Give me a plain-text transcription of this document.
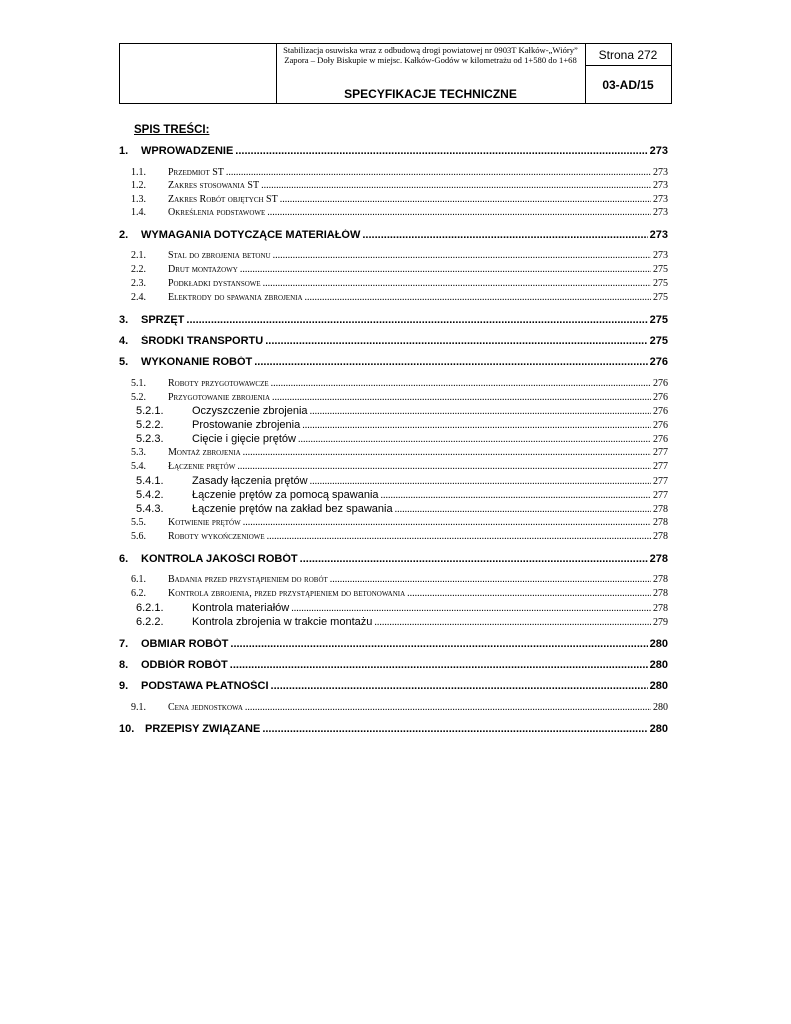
Stabilizacja osuwiska wraz z odbudową drogi powiatowej nr 0903T Kałków-„Wióry” Zapora – Doły Biskupie w miejsc. Kałków-Godów w kilometrażu od 1+580 do 1+68
SPECYFIKACJE TECHNICZNE
Strona 272
03-AD/15
SPIS TREŚCI:
1.	WPROWADZENIE .....	273
1.1.	Przedmiot ST .....	273
1.2.	Zakres stosowania ST .....	273
1.3.	Zakres Robót objętych ST .....	273
1.4.	Określenia podstawowe .....	273
2.	WYMAGANIA DOTYCZĄCE MATERIAŁÓW .....	273
2.1.	Stal do zbrojenia betonu .....	273
2.2.	Drut montażowy .....	275
2.3.	Podkładki dystansowe .....	275
2.4.	Elektrody do spawania zbrojenia .....	275
3.	SPRZĘT .....	275
4.	ŚRODKI TRANSPORTU .....	275
5.	WYKONANIE ROBÓT .....	276
5.1.	Roboty przygotowawcze .....	276
5.2.	Przygotowanie zbrojenia .....	276
5.2.1.	Oczyszczenie zbrojenia .....	276
5.2.2.	Prostowanie zbrojenia .....	276
5.2.3.	Cięcie i gięcie prętów .....	276
5.3.	Montaż zbrojenia .....	277
5.4.	Łączenie prętów .....	277
5.4.1.	Zasady łączenia prętów .....	277
5.4.2.	Łączenie prętów za pomocą spawania .....	277
5.4.3.	Łączenie prętów na zakład bez spawania .....	278
5.5.	Kotwienie prętów .....	278
5.6.	Roboty wykończeniowe .....	278
6.	KONTROLA JAKOŚCI ROBÓT .....	278
6.1.	Badania przed przystąpieniem do robót .....	278
6.2.	Kontrola zbrojenia, przed przystąpieniem do betonowania .....	278
6.2.1.	Kontrola materiałów .....	278
6.2.2.	Kontrola zbrojenia w trakcie montażu .....	279
7.	OBMIAR ROBÓT .....	280
8.	ODBIÓR ROBÓT .....	280
9.	PODSTAWA PŁATNOŚCI .....	280
9.1.	Cena jednostkowa .....	280
10. PRZEPISY ZWIĄZANE .....	280
